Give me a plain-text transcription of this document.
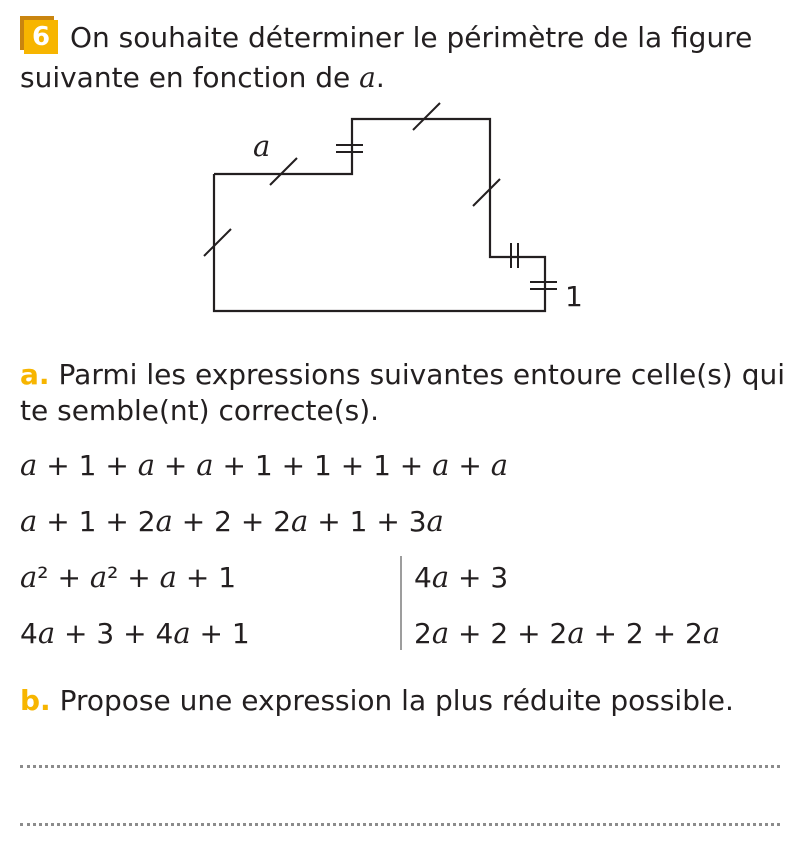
6 On souhaite déterminer le périmètre de la figure suivante en fonction de a.

a
1

a. Parmi les expressions suivantes entoure celle(s) qui te semble(nt) correcte(s).

a + 1 + a + a + 1 + 1 + 1 + a + a
a + 1 + 2a + 2 + 2a + 1 + 3a
a² + a² + a + 1
4a + 3 + 4a + 1
4a + 3
2a + 2 + 2a + 2 + 2a

b. Propose une expression la plus réduite possible.
